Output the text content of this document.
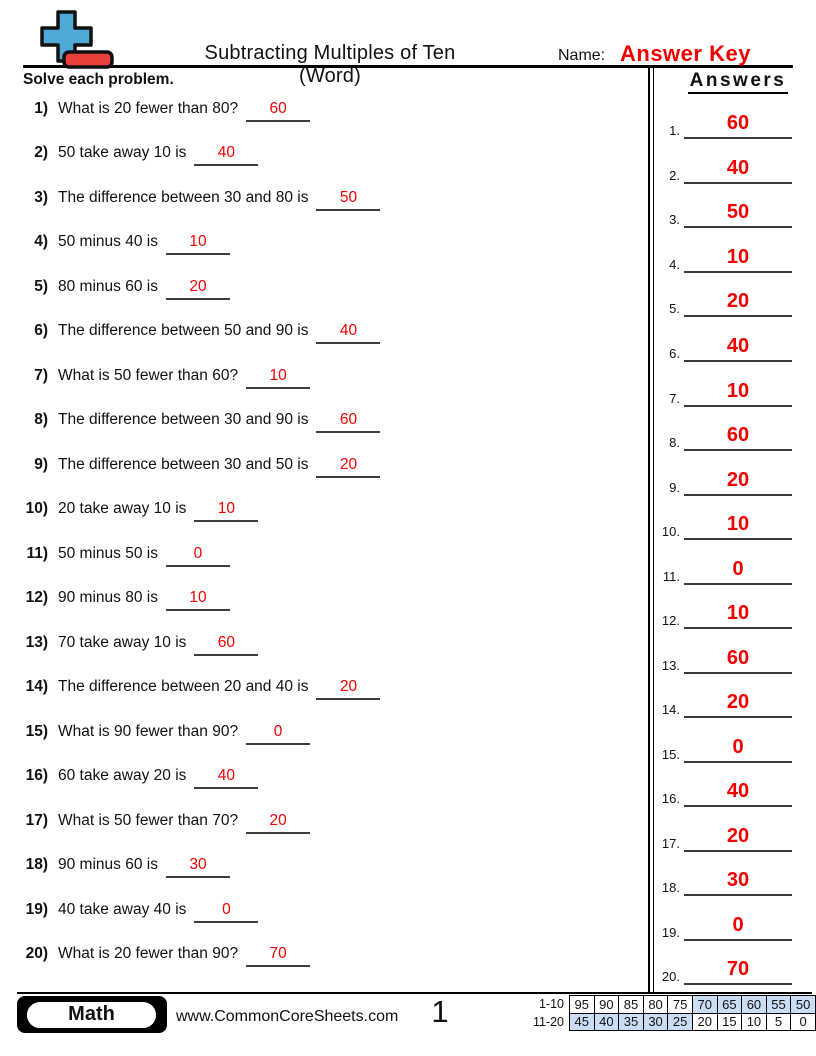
Subtracting Multiples of Ten (Word)
Name: Answer Key
Solve each problem.	Answers
1) What is 20 fewer than 80?	60
2) 50 take away 10 is	40
3) The difference between 30 and 80 is	50
4) 50 minus 40 is	10
5) 80 minus 60 is	20
6) The difference between 50 and 90 is	40
7) What is 50 fewer than 60?	10
8) The difference between 30 and 90 is	60
9) The difference between 30 and 50 is	20
10) 20 take away 10 is	10
11) 50 minus 50 is	0
12) 90 minus 80 is	10
13) 70 take away 10 is	60
14) The difference between 20 and 40 is	20
15) What is 90 fewer than 90?	0
16) 60 take away 20 is	40
17) What is 50 fewer than 70?	20
18) 90 minus 60 is	30
19) 40 take away 40 is	0
20) What is 20 fewer than 90?	70
1.	60
2.	40
3.	50
4.	10
5.	20
6.	40
7.	10
8.	60
9.	20
10.	10
11.	0
12.	10
13.	60
14.	20
15.	0
16.	40
17.	20
18.	30
19.	0
20.	70
Math	www.CommonCoreSheets.com	1	1-10	95	90	85	80	75	70	65	60	55	50
11-20	45	40	35	30	25	20	15	10	5	0
